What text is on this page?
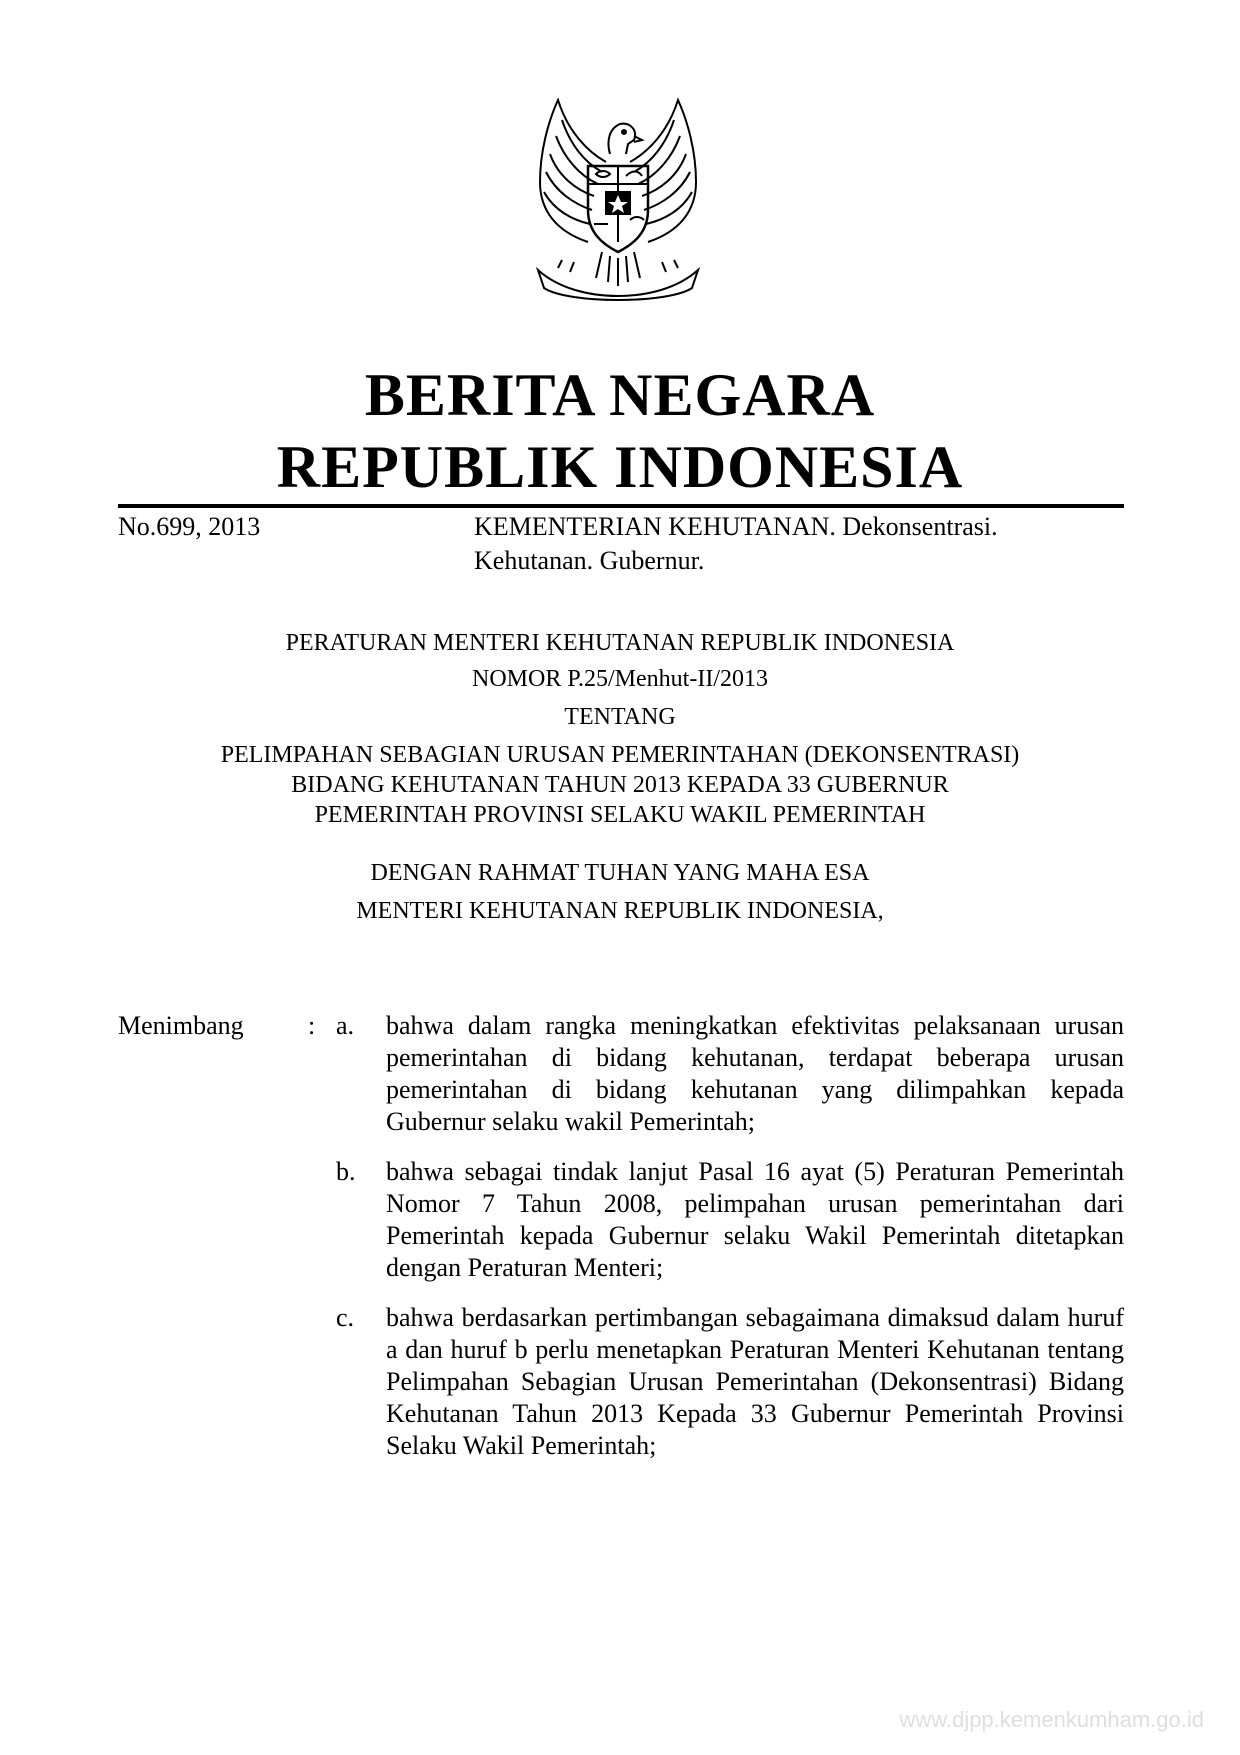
BERITA NEGARA
REPUBLIK INDONESIA
No.699, 2013	KEMENTERIAN KEHUTANAN. Dekonsentrasi.
Kehutanan. Gubernur.
PERATURAN MENTERI KEHUTANAN REPUBLIK INDONESIA
NOMOR P.25/Menhut-II/2013
TENTANG
PELIMPAHAN SEBAGIAN URUSAN PEMERINTAHAN (DEKONSENTRASI)
BIDANG KEHUTANAN TAHUN 2013 KEPADA 33 GUBERNUR
PEMERINTAH PROVINSI SELAKU WAKIL PEMERINTAH
DENGAN RAHMAT TUHAN YANG MAHA ESA
MENTERI KEHUTANAN REPUBLIK INDONESIA,
Menimbang	: a.	bahwa dalam rangka meningkatkan efektivitas pelaksanaan urusan pemerintahan di bidang kehutanan, terdapat beberapa urusan pemerintahan di bidang kehutanan yang dilimpahkan kepada Gubernur selaku wakil Pemerintah;
b.	bahwa sebagai tindak lanjut Pasal 16 ayat (5) Peraturan Pemerintah Nomor 7 Tahun 2008, pelimpahan urusan pemerintahan dari Pemerintah kepada Gubernur selaku Wakil Pemerintah ditetapkan dengan Peraturan Menteri;
c.	bahwa berdasarkan pertimbangan sebagaimana dimaksud dalam huruf a dan huruf b perlu menetapkan Peraturan Menteri Kehutanan tentang Pelimpahan Sebagian Urusan Pemerintahan (Dekonsentrasi) Bidang Kehutanan Tahun 2013 Kepada 33 Gubernur Pemerintah Provinsi Selaku Wakil Pemerintah;
www.djpp.kemenkumham.go.id
